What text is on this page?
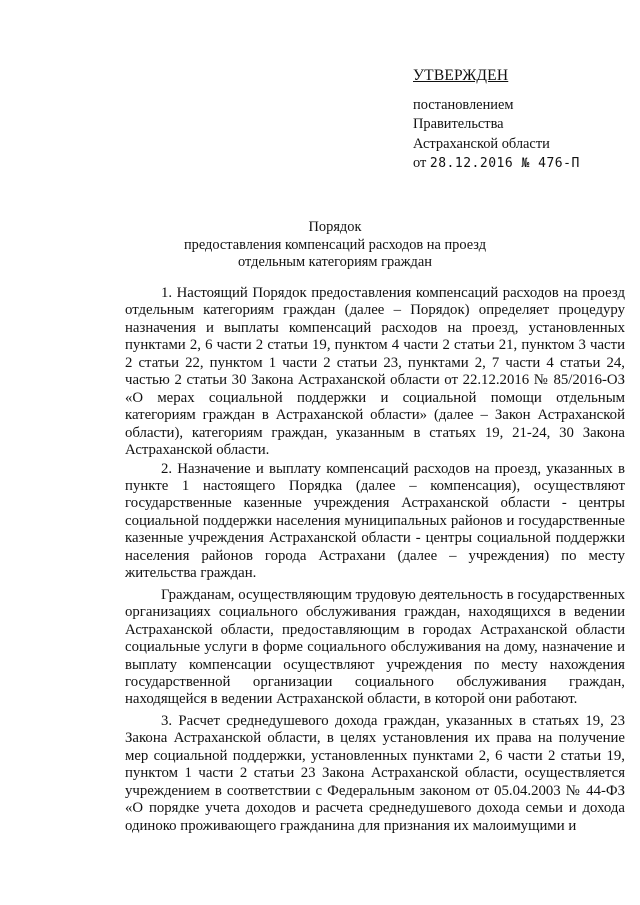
УТВЕРЖДЕН
постановлением
Правительства
Астраханской области
от 28.12.2016 № 476-П
Порядок
предоставления компенсаций расходов на проезд
отдельным категориям граждан

1. Настоящий Порядок предоставления компенсаций расходов на проезд отдельным категориям граждан (далее – Порядок) определяет процедуру назначения и выплаты компенсаций расходов на проезд, установленных пунктами 2, 6 части 2 статьи 19, пунктом 4 части 2 статьи 21, пунктом 3 части 2 статьи 22, пунктом 1 части 2 статьи 23, пунктами 2, 7 части 4 статьи 24, частью 2 статьи 30 Закона Астраханской области от 22.12.2016 № 85/2016-ОЗ «О мерах социальной поддержки и социальной помощи отдельным категориям граждан в Астраханской области» (далее – Закон Астраханской области), категориям граждан, указанным в статьях 19, 21-24, 30 Закона Астраханской области.

2. Назначение и выплату компенсаций расходов на проезд, указанных в пункте 1 настоящего Порядка (далее – компенсация), осуществляют государственные казенные учреждения Астраханской области - центры социальной поддержки населения муниципальных районов и государственные казенные учреждения Астраханской области - центры социальной поддержки населения районов города Астрахани (далее – учреждения) по месту жительства граждан.

Гражданам, осуществляющим трудовую деятельность в государственных организациях социального обслуживания граждан, находящихся в ведении Астраханской области, предоставляющим в городах Астраханской области социальные услуги в форме социального обслуживания на дому, назначение и выплату компенсации осуществляют учреждения по месту нахождения государственной организации социального обслуживания граждан, находящейся в ведении Астраханской области, в которой они работают.

3. Расчет среднедушевого дохода граждан, указанных в статьях 19, 23 Закона Астраханской области, в целях установления их права на получение мер социальной поддержки, установленных пунктами 2, 6 части 2 статьи 19, пунктом 1 части 2 статьи 23 Закона Астраханской области, осуществляется учреждением в соответствии с Федеральным законом от 05.04.2003 № 44-ФЗ «О порядке учета доходов и расчета среднедушевого дохода семьи и дохода одиноко проживающего гражданина для признания их малоимущими и
